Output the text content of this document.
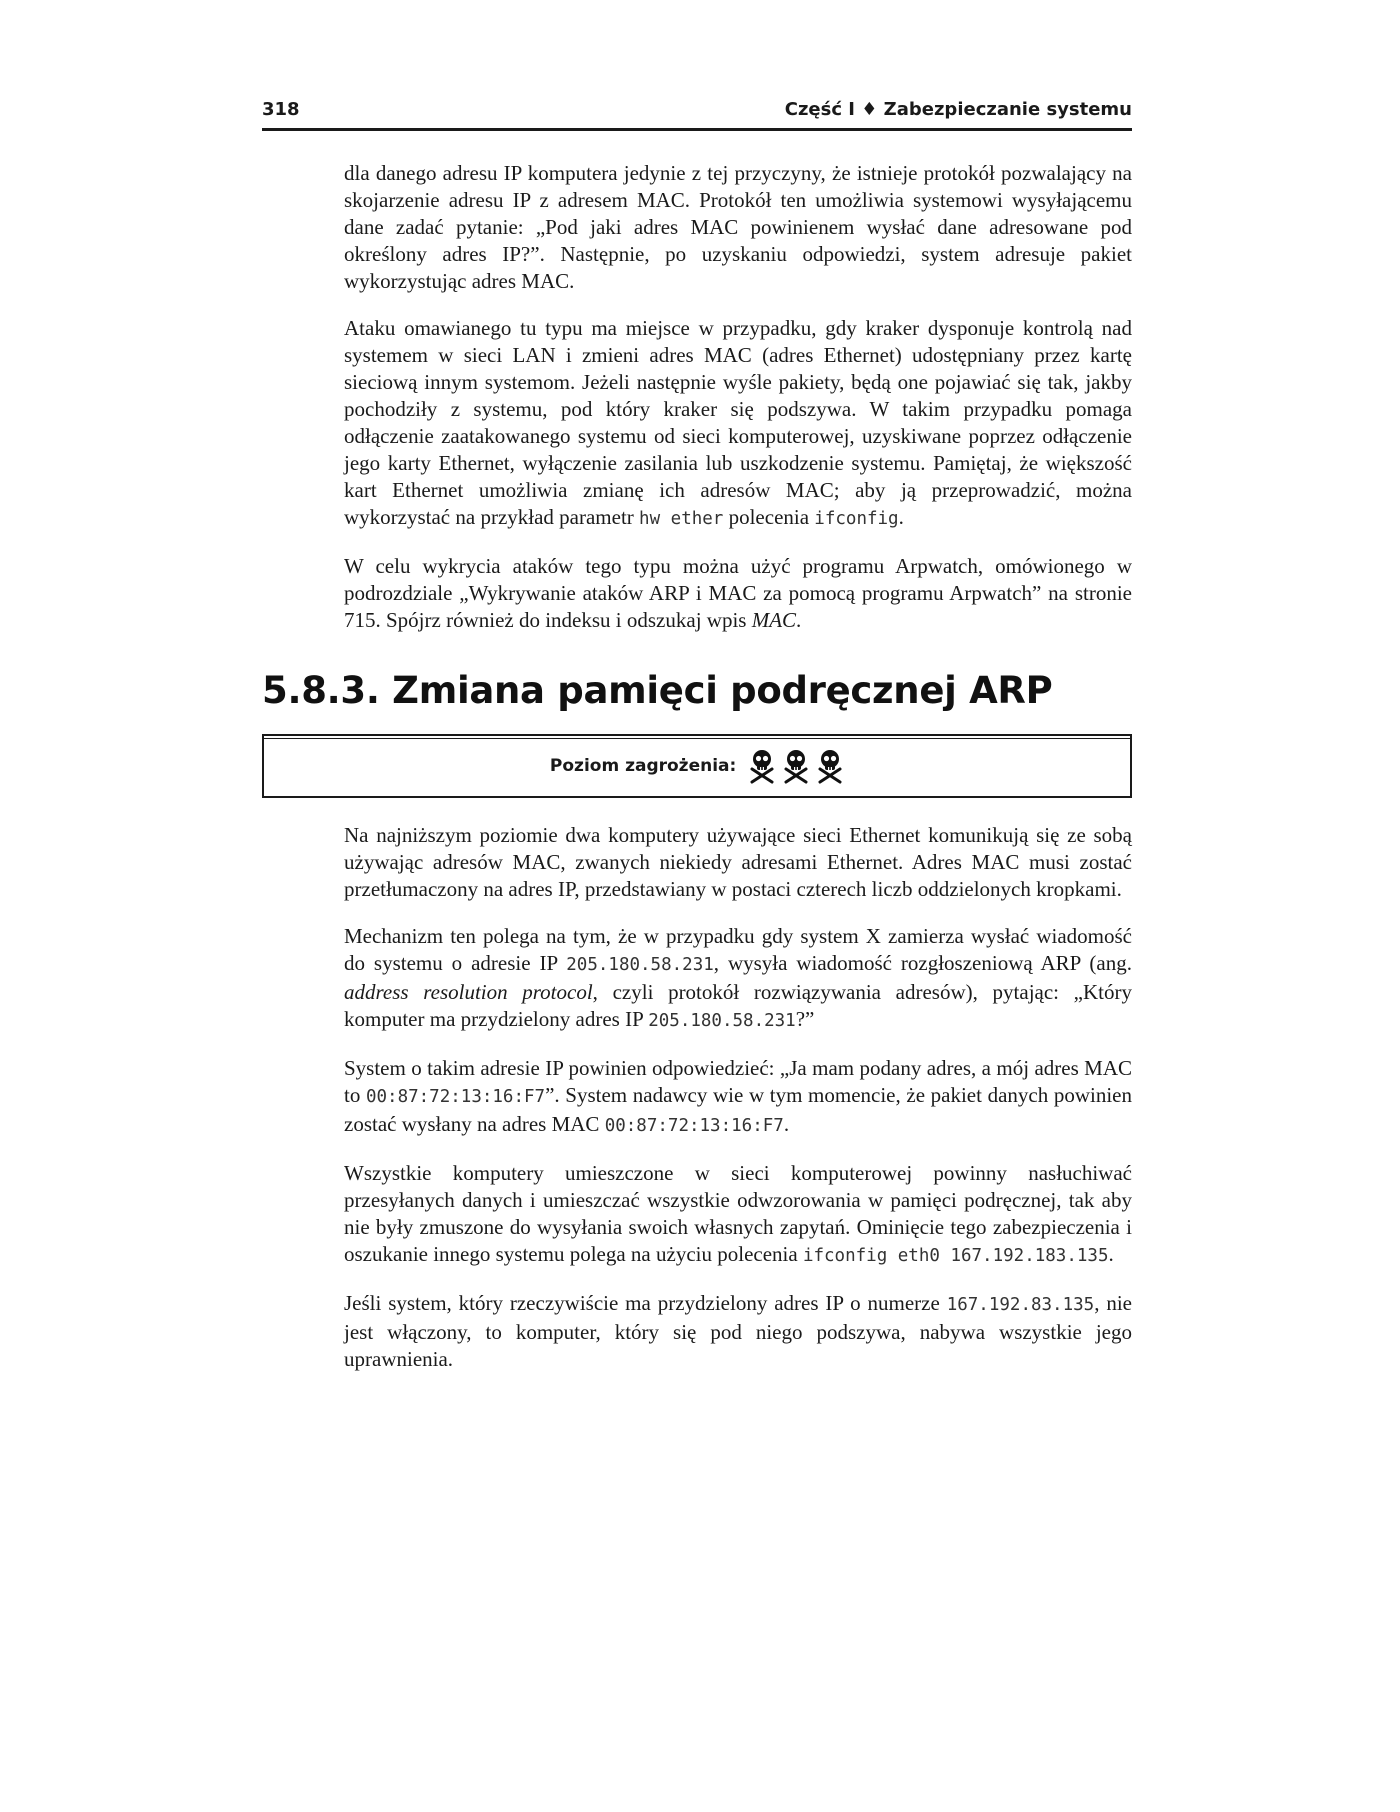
318	Część I ♦ Zabezpieczanie systemu

dla danego adresu IP komputera jedynie z tej przyczyny, że istnieje protokół pozwalający na skojarzenie adresu IP z adresem MAC. Protokół ten umożliwia systemowi wysyłającemu dane zadać pytanie: „Pod jaki adres MAC powinienem wysłać dane adresowane pod określony adres IP?”. Następnie, po uzyskaniu odpowiedzi, system adresuje pakiet wykorzystując adres MAC.

Ataku omawianego tu typu ma miejsce w przypadku, gdy kraker dysponuje kontrolą nad systemem w sieci LAN i zmieni adres MAC (adres Ethernet) udostępniany przez kartę sieciową innym systemom. Jeżeli następnie wyśle pakiety, będą one pojawiać się tak, jakby pochodziły z systemu, pod który kraker się podszywa. W takim przypadku pomaga odłączenie zaatakowanego systemu od sieci komputerowej, uzyskiwane poprzez odłączenie jego karty Ethernet, wyłączenie zasilania lub uszkodzenie systemu. Pamiętaj, że większość kart Ethernet umożliwia zmianę ich adresów MAC; aby ją przeprowadzić, można wykorzystać na przykład parametr hw ether polecenia ifconfig.

W celu wykrycia ataków tego typu można użyć programu Arpwatch, omówionego w podrozdziale „Wykrywanie ataków ARP i MAC za pomocą programu Arpwatch” na stronie 715. Spójrz również do indeksu i odszukaj wpis MAC.

5.8.3. Zmiana pamięci podręcznej ARP
Poziom zagrożenia:

Na najniższym poziomie dwa komputery używające sieci Ethernet komunikują się ze sobą używając adresów MAC, zwanych niekiedy adresami Ethernet. Adres MAC musi zostać przetłumaczony na adres IP, przedstawiany w postaci czterech liczb oddzielonych kropkami.

Mechanizm ten polega na tym, że w przypadku gdy system X zamierza wysłać wiadomość do systemu o adresie IP 205.180.58.231, wysyła wiadomość rozgłoszeniową ARP (ang. address resolution protocol, czyli protokół rozwiązywania adresów), pytając: „Który komputer ma przydzielony adres IP 205.180.58.231?”

System o takim adresie IP powinien odpowiedzieć: „Ja mam podany adres, a mój adres MAC to 00:87:72:13:16:F7”. System nadawcy wie w tym momencie, że pakiet danych powinien zostać wysłany na adres MAC 00:87:72:13:16:F7.

Wszystkie komputery umieszczone w sieci komputerowej powinny nasłuchiwać przesyłanych danych i umieszczać wszystkie odwzorowania w pamięci podręcznej, tak aby nie były zmuszone do wysyłania swoich własnych zapytań. Ominięcie tego zabezpieczenia i oszukanie innego systemu polega na użyciu polecenia ifconfig eth0 167.192.183.135.

Jeśli system, który rzeczywiście ma przydzielony adres IP o numerze 167.192.83.135, nie jest włączony, to komputer, który się pod niego podszywa, nabywa wszystkie jego uprawnienia.
